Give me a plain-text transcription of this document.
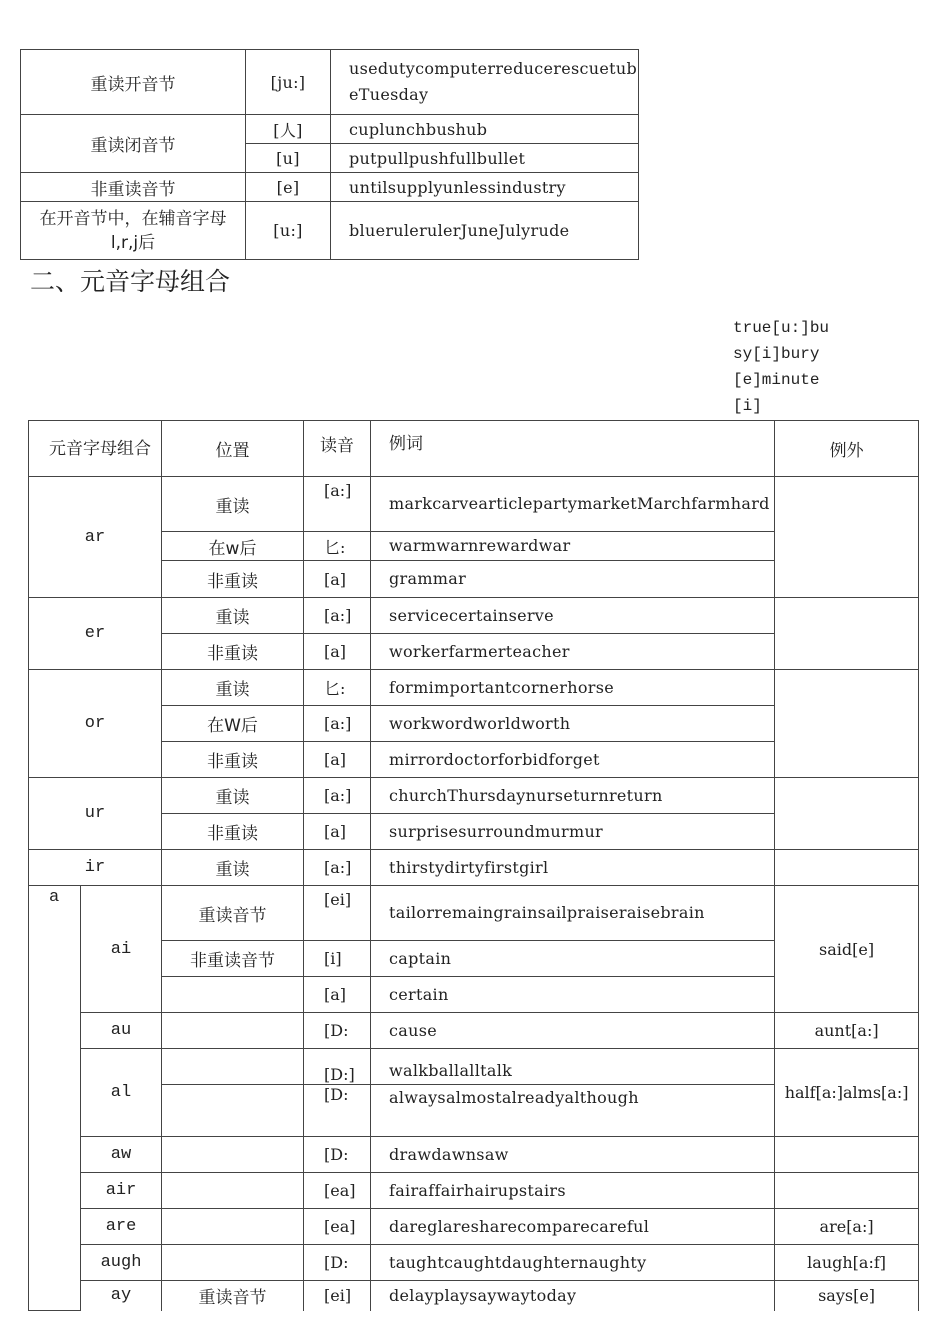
重读开音节	[ju:]	usedutycomputerreducerescuetubeTuesday
重读闭音节	[人]	cuplunchbushub
	[u]	putpullpushfullbullet
非重读音节	[e]	untilsupplyunlessindustry
在开音节中，在辅音字母l,r,j后	[u:]	bluerulerulerJuneJulyrude
二、元音字母组合
true[u:]busy[i]bury[e]minute[i]
元音字母组合		位置	读音	例词	例外
ar		重读	[a:]	markcarvearticlepartymarketMarchfarmhard	
		在w后	匕:	warmwarnrewardwar	
		非重读	[a]	grammar	
er		重读	[a:]	servicecertainserve	
		非重读	[a]	workerfarmerteacher	
or		重读	匕:	formimportantcornerhorse	
		在W后	[a:]	workwordworldworth	
		非重读	[a]	mirrordoctorforbidforget	
ur		重读	[a:]	churchThursdaynurseturnreturn	
		非重读	[a]	surprisesurroundmurmur	
ir		重读	[a:]	thirstydirtyfirstgirl	
a	ai	重读音节	[ei]	tailorremaingrainsailpraiseraisebrain	said[e]
		非重读音节	[i]	captain	
			[a]	certain	
	au		[D:	cause	aunt[a:]
	al		[D:]	walkballalltalk	half[a:]alms[a:]
			[D:	alwaysalmostalreadyalthough	
	aw		[D:	drawdawnsaw	
	air		[ea]	fairaffairhairupstairs	
	are		[ea]	dareglaresharecomparecareful	are[a:]
	augh		[D:	taughtcaughtdaughternaughty	laugh[a:f]
	ay	重读音节	[ei]	delayplaysaywaytoday	says[e]
